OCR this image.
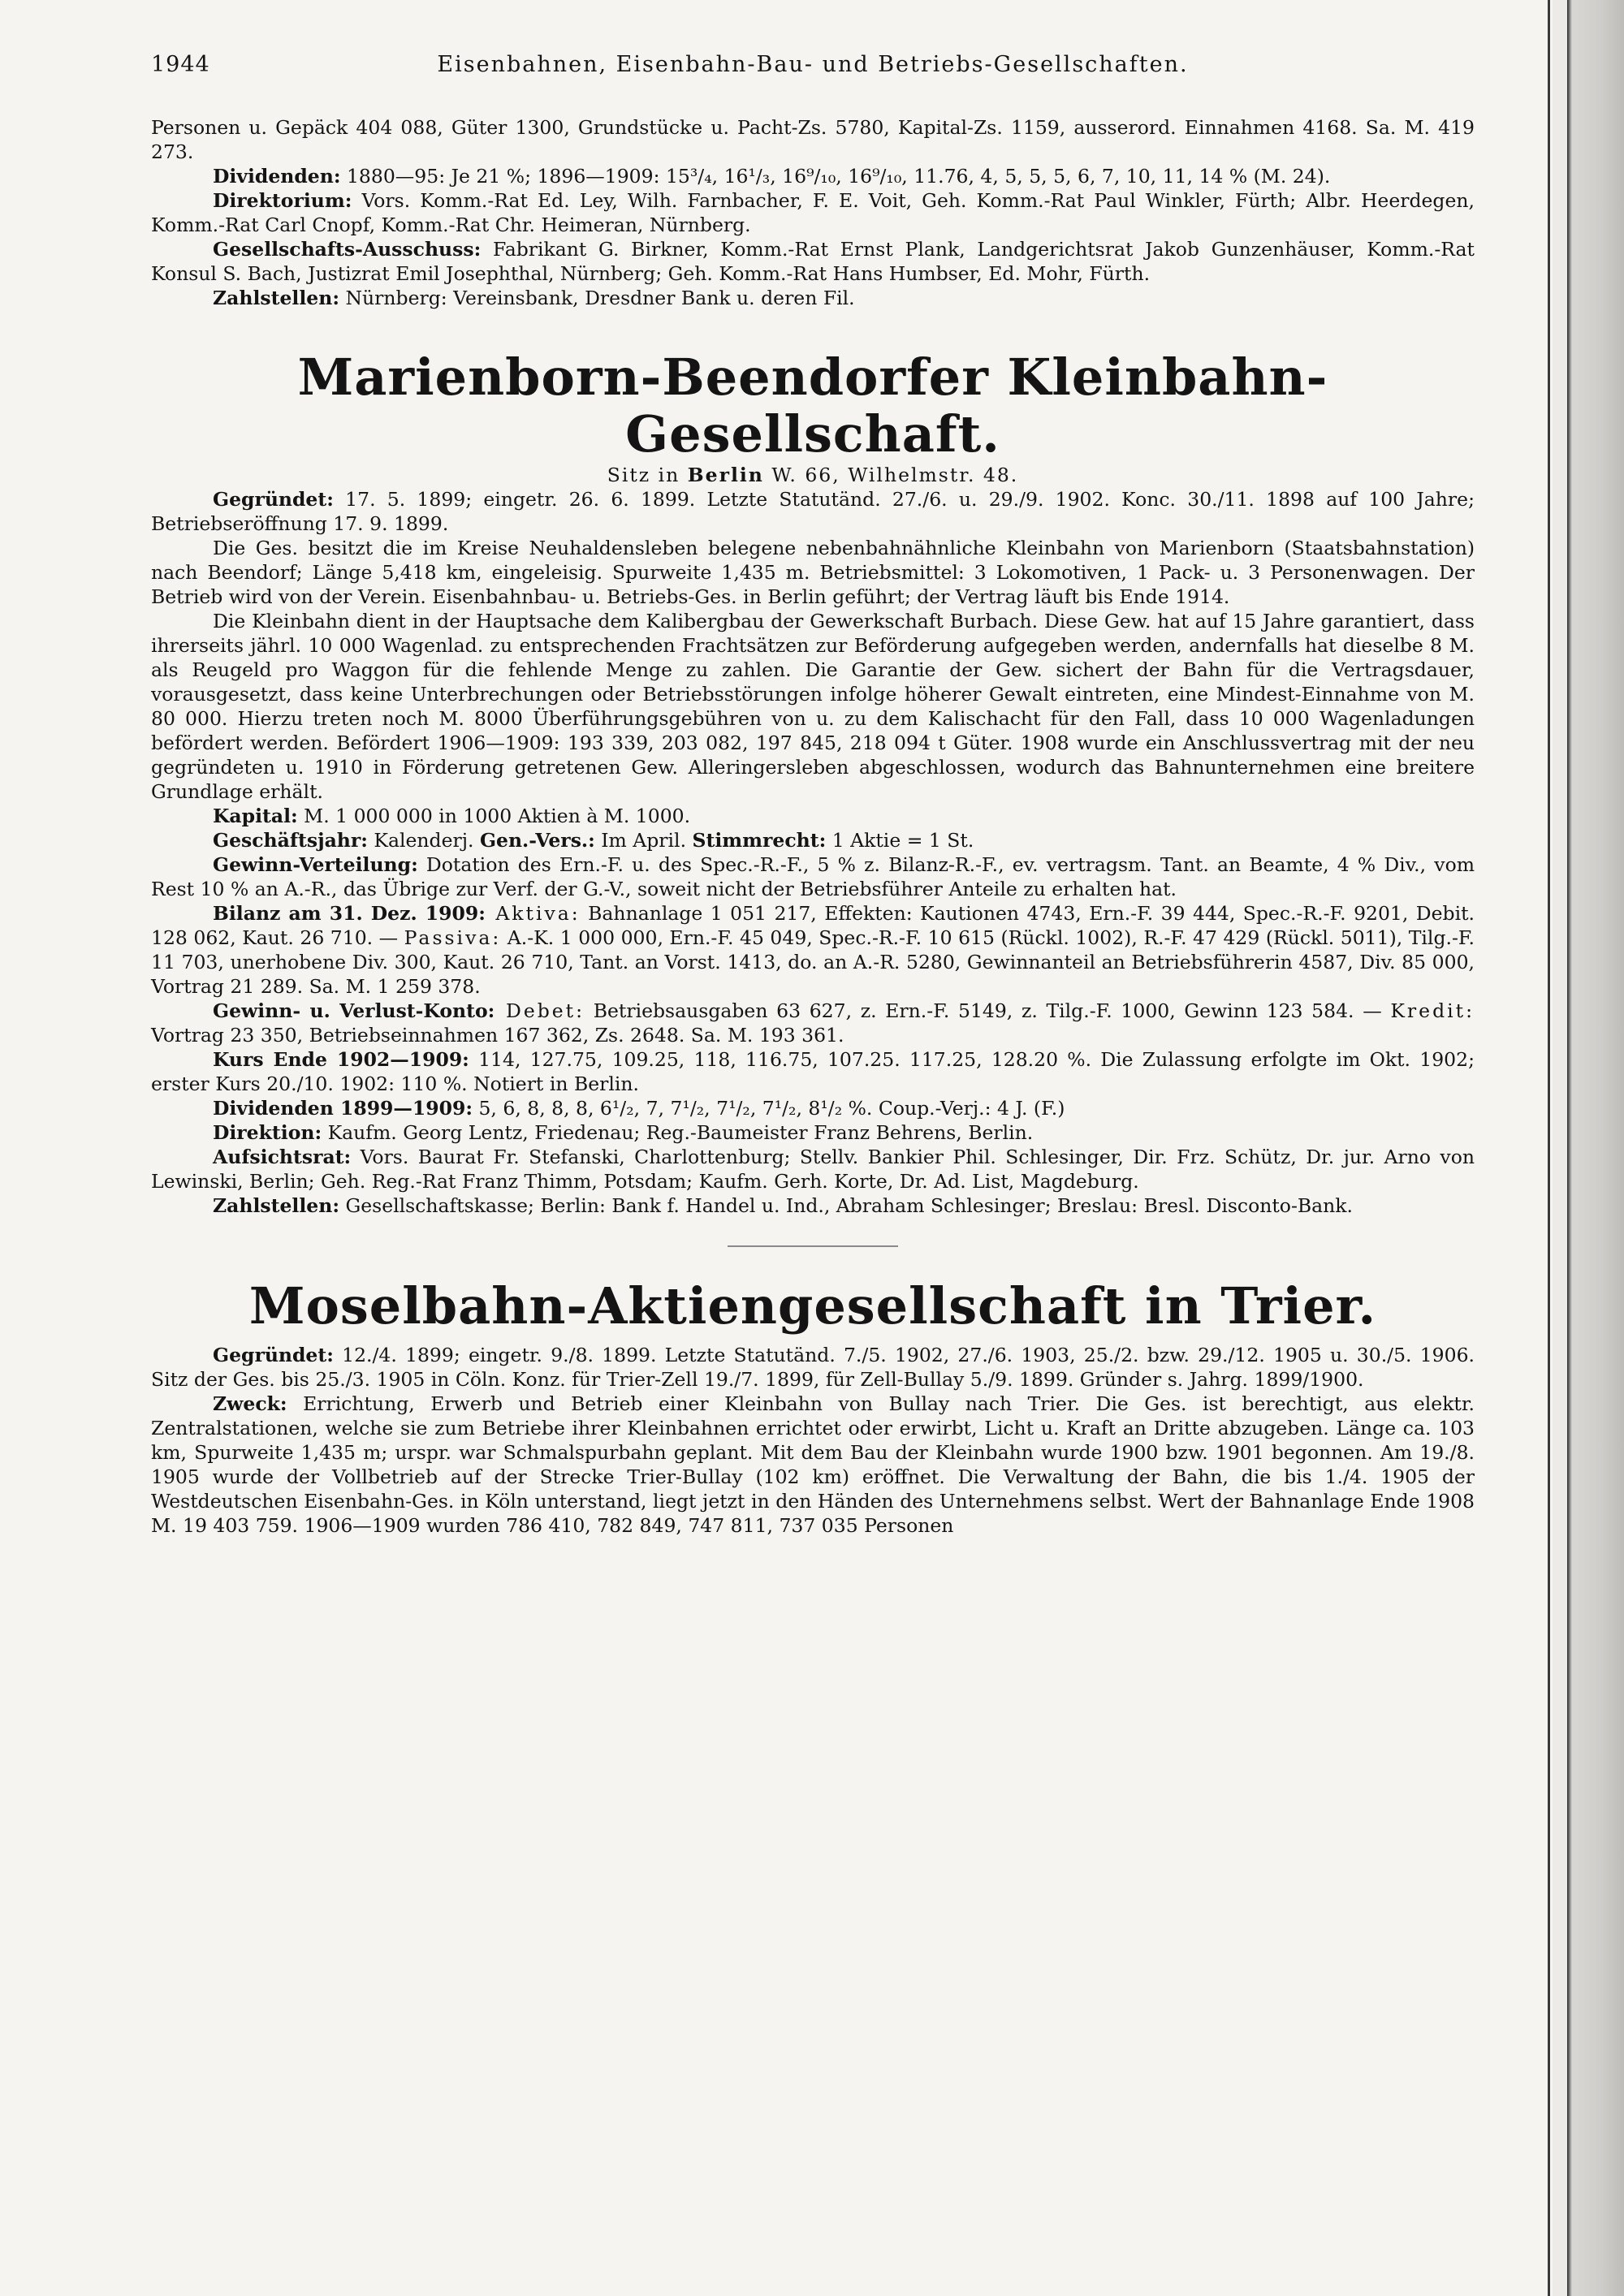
1944	Eisenbahnen, Eisenbahn-Bau- und Betriebs-Gesellschaften.

Personen u. Gepäck 404 088, Güter 1300, Grundstücke u. Pacht-Zs. 5780, Kapital-Zs. 1159, ausserord. Einnahmen 4168. Sa. M. 419 273.

Dividenden: 1880—95: Je 21 %; 1896—1909: 15³/₄, 16¹/₃, 16⁹/₁₀, 16⁹/₁₀, 11.76, 4, 5, 5, 5, 6, 7, 10, 11, 14 % (M. 24).

Direktorium: Vors. Komm.-Rat Ed. Ley, Wilh. Farnbacher, F. E. Voit, Geh. Komm.-Rat Paul Winkler, Fürth; Albr. Heerdegen, Komm.-Rat Carl Cnopf, Komm.-Rat Chr. Heimeran, Nürnberg.

Gesellschafts-Ausschuss: Fabrikant G. Birkner, Komm.-Rat Ernst Plank, Landgerichtsrat Jakob Gunzenhäuser, Komm.-Rat Konsul S. Bach, Justizrat Emil Josephthal, Nürnberg; Geh. Komm.-Rat Hans Humbser, Ed. Mohr, Fürth.

Zahlstellen: Nürnberg: Vereinsbank, Dresdner Bank u. deren Fil.

Marienborn-Beendorfer Kleinbahn-Gesellschaft.

Sitz in Berlin W. 66, Wilhelmstr. 48.

Gegründet: 17. 5. 1899; eingetr. 26. 6. 1899. Letzte Statutänd. 27./6. u. 29./9. 1902. Konc. 30./11. 1898 auf 100 Jahre; Betriebseröffnung 17. 9. 1899.

Die Ges. besitzt die im Kreise Neuhaldensleben belegene nebenbahnähnliche Kleinbahn von Marienborn (Staatsbahnstation) nach Beendorf; Länge 5,418 km, eingeleisig. Spurweite 1,435 m. Betriebsmittel: 3 Lokomotiven, 1 Pack- u. 3 Personenwagen. Der Betrieb wird von der Verein. Eisenbahnbau- u. Betriebs-Ges. in Berlin geführt; der Vertrag läuft bis Ende 1914.

Die Kleinbahn dient in der Hauptsache dem Kalibergbau der Gewerkschaft Burbach. Diese Gew. hat auf 15 Jahre garantiert, dass ihrerseits jährl. 10 000 Wagenlad. zu entsprechenden Frachtsätzen zur Beförderung aufgegeben werden, andernfalls hat dieselbe 8 M. als Reugeld pro Waggon für die fehlende Menge zu zahlen. Die Garantie der Gew. sichert der Bahn für die Vertragsdauer, vorausgesetzt, dass keine Unterbrechungen oder Betriebsstörungen infolge höherer Gewalt eintreten, eine Mindest-Einnahme von M. 80 000. Hierzu treten noch M. 8000 Überführungsgebühren von u. zu dem Kalischacht für den Fall, dass 10 000 Wagenladungen befördert werden. Befördert 1906—1909: 193 339, 203 082, 197 845, 218 094 t Güter. 1908 wurde ein Anschlussvertrag mit der neu gegründeten u. 1910 in Förderung getretenen Gew. Alleringersleben abgeschlossen, wodurch das Bahnunternehmen eine breitere Grundlage erhält.

Kapital: M. 1 000 000 in 1000 Aktien à M. 1000.

Geschäftsjahr: Kalenderj. Gen.-Vers.: Im April. Stimmrecht: 1 Aktie = 1 St.

Gewinn-Verteilung: Dotation des Ern.-F. u. des Spec.-R.-F., 5 % z. Bilanz-R.-F., ev. vertragsm. Tant. an Beamte, 4 % Div., vom Rest 10 % an A.-R., das Übrige zur Verf. der G.-V., soweit nicht der Betriebsführer Anteile zu erhalten hat.

Bilanz am 31. Dez. 1909: Aktiva: Bahnanlage 1 051 217, Effekten: Kautionen 4743, Ern.-F. 39 444, Spec.-R.-F. 9201, Debit. 128 062, Kaut. 26 710. — Passiva: A.-K. 1 000 000, Ern.-F. 45 049, Spec.-R.-F. 10 615 (Rückl. 1002), R.-F. 47 429 (Rückl. 5011), Tilg.-F. 11 703, unerhobene Div. 300, Kaut. 26 710, Tant. an Vorst. 1413, do. an A.-R. 5280, Gewinnanteil an Betriebsführerin 4587, Div. 85 000, Vortrag 21 289. Sa. M. 1 259 378.

Gewinn- u. Verlust-Konto: Debet: Betriebsausgaben 63 627, z. Ern.-F. 5149, z. Tilg.-F. 1000, Gewinn 123 584. — Kredit: Vortrag 23 350, Betriebseinnahmen 167 362, Zs. 2648. Sa. M. 193 361.

Kurs Ende 1902—1909: 114, 127.75, 109.25, 118, 116.75, 107.25. 117.25, 128.20 %. Die Zulassung erfolgte im Okt. 1902; erster Kurs 20./10. 1902: 110 %. Notiert in Berlin.

Dividenden 1899—1909: 5, 6, 8, 8, 8, 6¹/₂, 7, 7¹/₂, 7¹/₂, 7¹/₂, 8¹/₂ %. Coup.-Verj.: 4 J. (F.)

Direktion: Kaufm. Georg Lentz, Friedenau; Reg.-Baumeister Franz Behrens, Berlin.

Aufsichtsrat: Vors. Baurat Fr. Stefanski, Charlottenburg; Stellv. Bankier Phil. Schlesinger, Dir. Frz. Schütz, Dr. jur. Arno von Lewinski, Berlin; Geh. Reg.-Rat Franz Thimm, Potsdam; Kaufm. Gerh. Korte, Dr. Ad. List, Magdeburg.

Zahlstellen: Gesellschaftskasse; Berlin: Bank f. Handel u. Ind., Abraham Schlesinger; Breslau: Bresl. Disconto-Bank.

Moselbahn-Aktiengesellschaft in Trier.

Gegründet: 12./4. 1899; eingetr. 9./8. 1899. Letzte Statutänd. 7./5. 1902, 27./6. 1903, 25./2. bzw. 29./12. 1905 u. 30./5. 1906. Sitz der Ges. bis 25./3. 1905 in Cöln. Konz. für Trier-Zell 19./7. 1899, für Zell-Bullay 5./9. 1899. Gründer s. Jahrg. 1899/1900.

Zweck: Errichtung, Erwerb und Betrieb einer Kleinbahn von Bullay nach Trier. Die Ges. ist berechtigt, aus elektr. Zentralstationen, welche sie zum Betriebe ihrer Kleinbahnen errichtet oder erwirbt, Licht u. Kraft an Dritte abzugeben. Länge ca. 103 km, Spurweite 1,435 m; urspr. war Schmalspurbahn geplant. Mit dem Bau der Kleinbahn wurde 1900 bzw. 1901 begonnen. Am 19./8. 1905 wurde der Vollbetrieb auf der Strecke Trier-Bullay (102 km) eröffnet. Die Verwaltung der Bahn, die bis 1./4. 1905 der Westdeutschen Eisenbahn-Ges. in Köln unterstand, liegt jetzt in den Händen des Unternehmens selbst. Wert der Bahnanlage Ende 1908 M. 19 403 759. 1906—1909 wurden 786 410, 782 849, 747 811, 737 035 Personen
